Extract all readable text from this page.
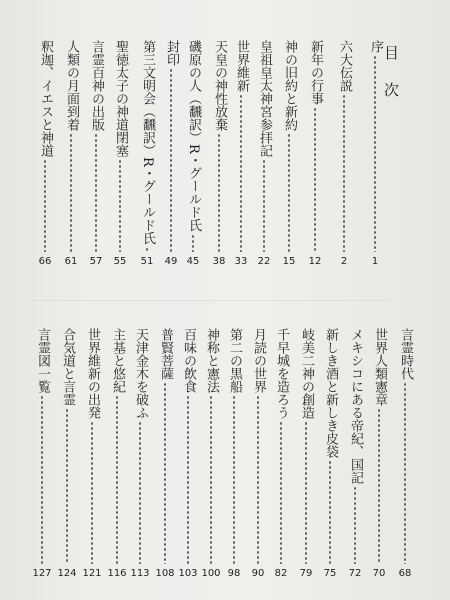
目次
序
1
六大伝説
2
新年の行事
12
神の旧約と新約
15
皇祖皇太神宮参拝記
22
世界維新
33
天皇の神性放棄
38
磯原の人（飜訳）R・グールド氏
45
封印
49
第三文明会（飜訳）R・グールド氏
51
聖徳太子の神道閉塞
55
言霊百神の出版
57
人類の月面到着
61
釈迦、イエスと神道
66
言霊時代
68
世界人類憲章
70
メキシコにある帝紀、国記
72
新しき酒と新しき皮袋
75
岐美二神の創造
79
千早城を造ろう
82
月読の世界
90
第二の黒船
98
神称と憲法
100
百味の飲食
103
普賢菩薩
108
天津金木を破ふ
113
主基と悠紀
116
世界維新の出発
121
合気道と言霊
124
言霊図一覧
127
